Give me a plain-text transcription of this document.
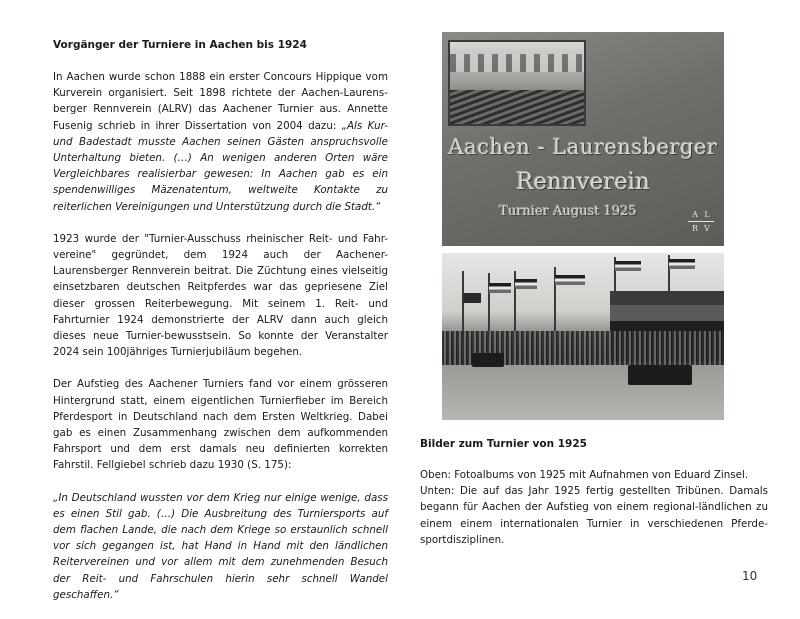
Vorgänger der Turniere in Aachen bis 1924

In Aachen wurde schon 1888 ein erster Concours Hippique vom Kurverein organisiert. Seit 1898 richtete der Aachen-Laurens-berger Rennverein (ALRV) das Aachener Turnier aus. Annette Fusenig schrieb in ihrer Dissertation von 2004 dazu: „Als Kur- und Badestadt musste Aachen seinen Gästen anspruchsvolle Unterhaltung bieten. (…) An wenigen anderen Orten wäre Vergleichbares realisierbar gewesen: In Aachen gab es ein spendenwilliges Mäzenatentum, weltweite Kontakte zu reiterlichen Vereinigungen und Unterstützung durch die Stadt.“

1923 wurde der "Turnier-Ausschuss rheinischer Reit- und Fahr-vereine" gegründet, dem 1924 auch der Aachener-Laurensberger Rennverein beitrat. Die Züchtung eines vielseitig einsetzbaren deutschen Reitpferdes war das gepriesene Ziel dieser grossen Reiterbewegung. Mit seinem 1. Reit- und Fahrturnier 1924 demonstrierte der ALRV dann auch gleich dieses neue Turnier-bewusstsein. So konnte der Veranstalter 2024 sein 100jähriges Turnierjubiläum begehen.

Der Aufstieg des Aachener Turniers fand vor einem grösseren Hintergrund statt, einem eigentlichen Turnierfieber im Bereich Pferdesport in Deutschland nach dem Ersten Weltkrieg. Dabei gab es einen Zusammenhang zwischen dem aufkommenden Fahrsport und dem erst damals neu definierten korrekten Fahrstil. Fellgiebel schrieb dazu 1930 (S. 175):

„In Deutschland wussten vor dem Krieg nur einige wenige, dass es einen Stil gab. (…) Die Ausbreitung des Turniersports auf dem flachen Lande, die nach dem Kriege so erstaunlich schnell vor sich gegangen ist, hat Hand in Hand mit den ländlichen Reitervereinen und vor allem mit dem zunehmenden Besuch der Reit- und Fahrschulen hierin sehr schnell Wandel geschaffen.“

Aachen - Laurensberger
Rennverein
Turnier August 1925	A L
R V
Bilder zum Turnier von 1925

Oben: Fotoalbums von 1925 mit Aufnahmen von Eduard Zinsel.

Unten: Die auf das Jahr 1925 fertig gestellten Tribünen. Damals begann für Aachen der Aufstieg von einem regional-ländlichen zu einem einem internationalen Turnier in verschiedenen Pferde-sportdisziplinen.

10
